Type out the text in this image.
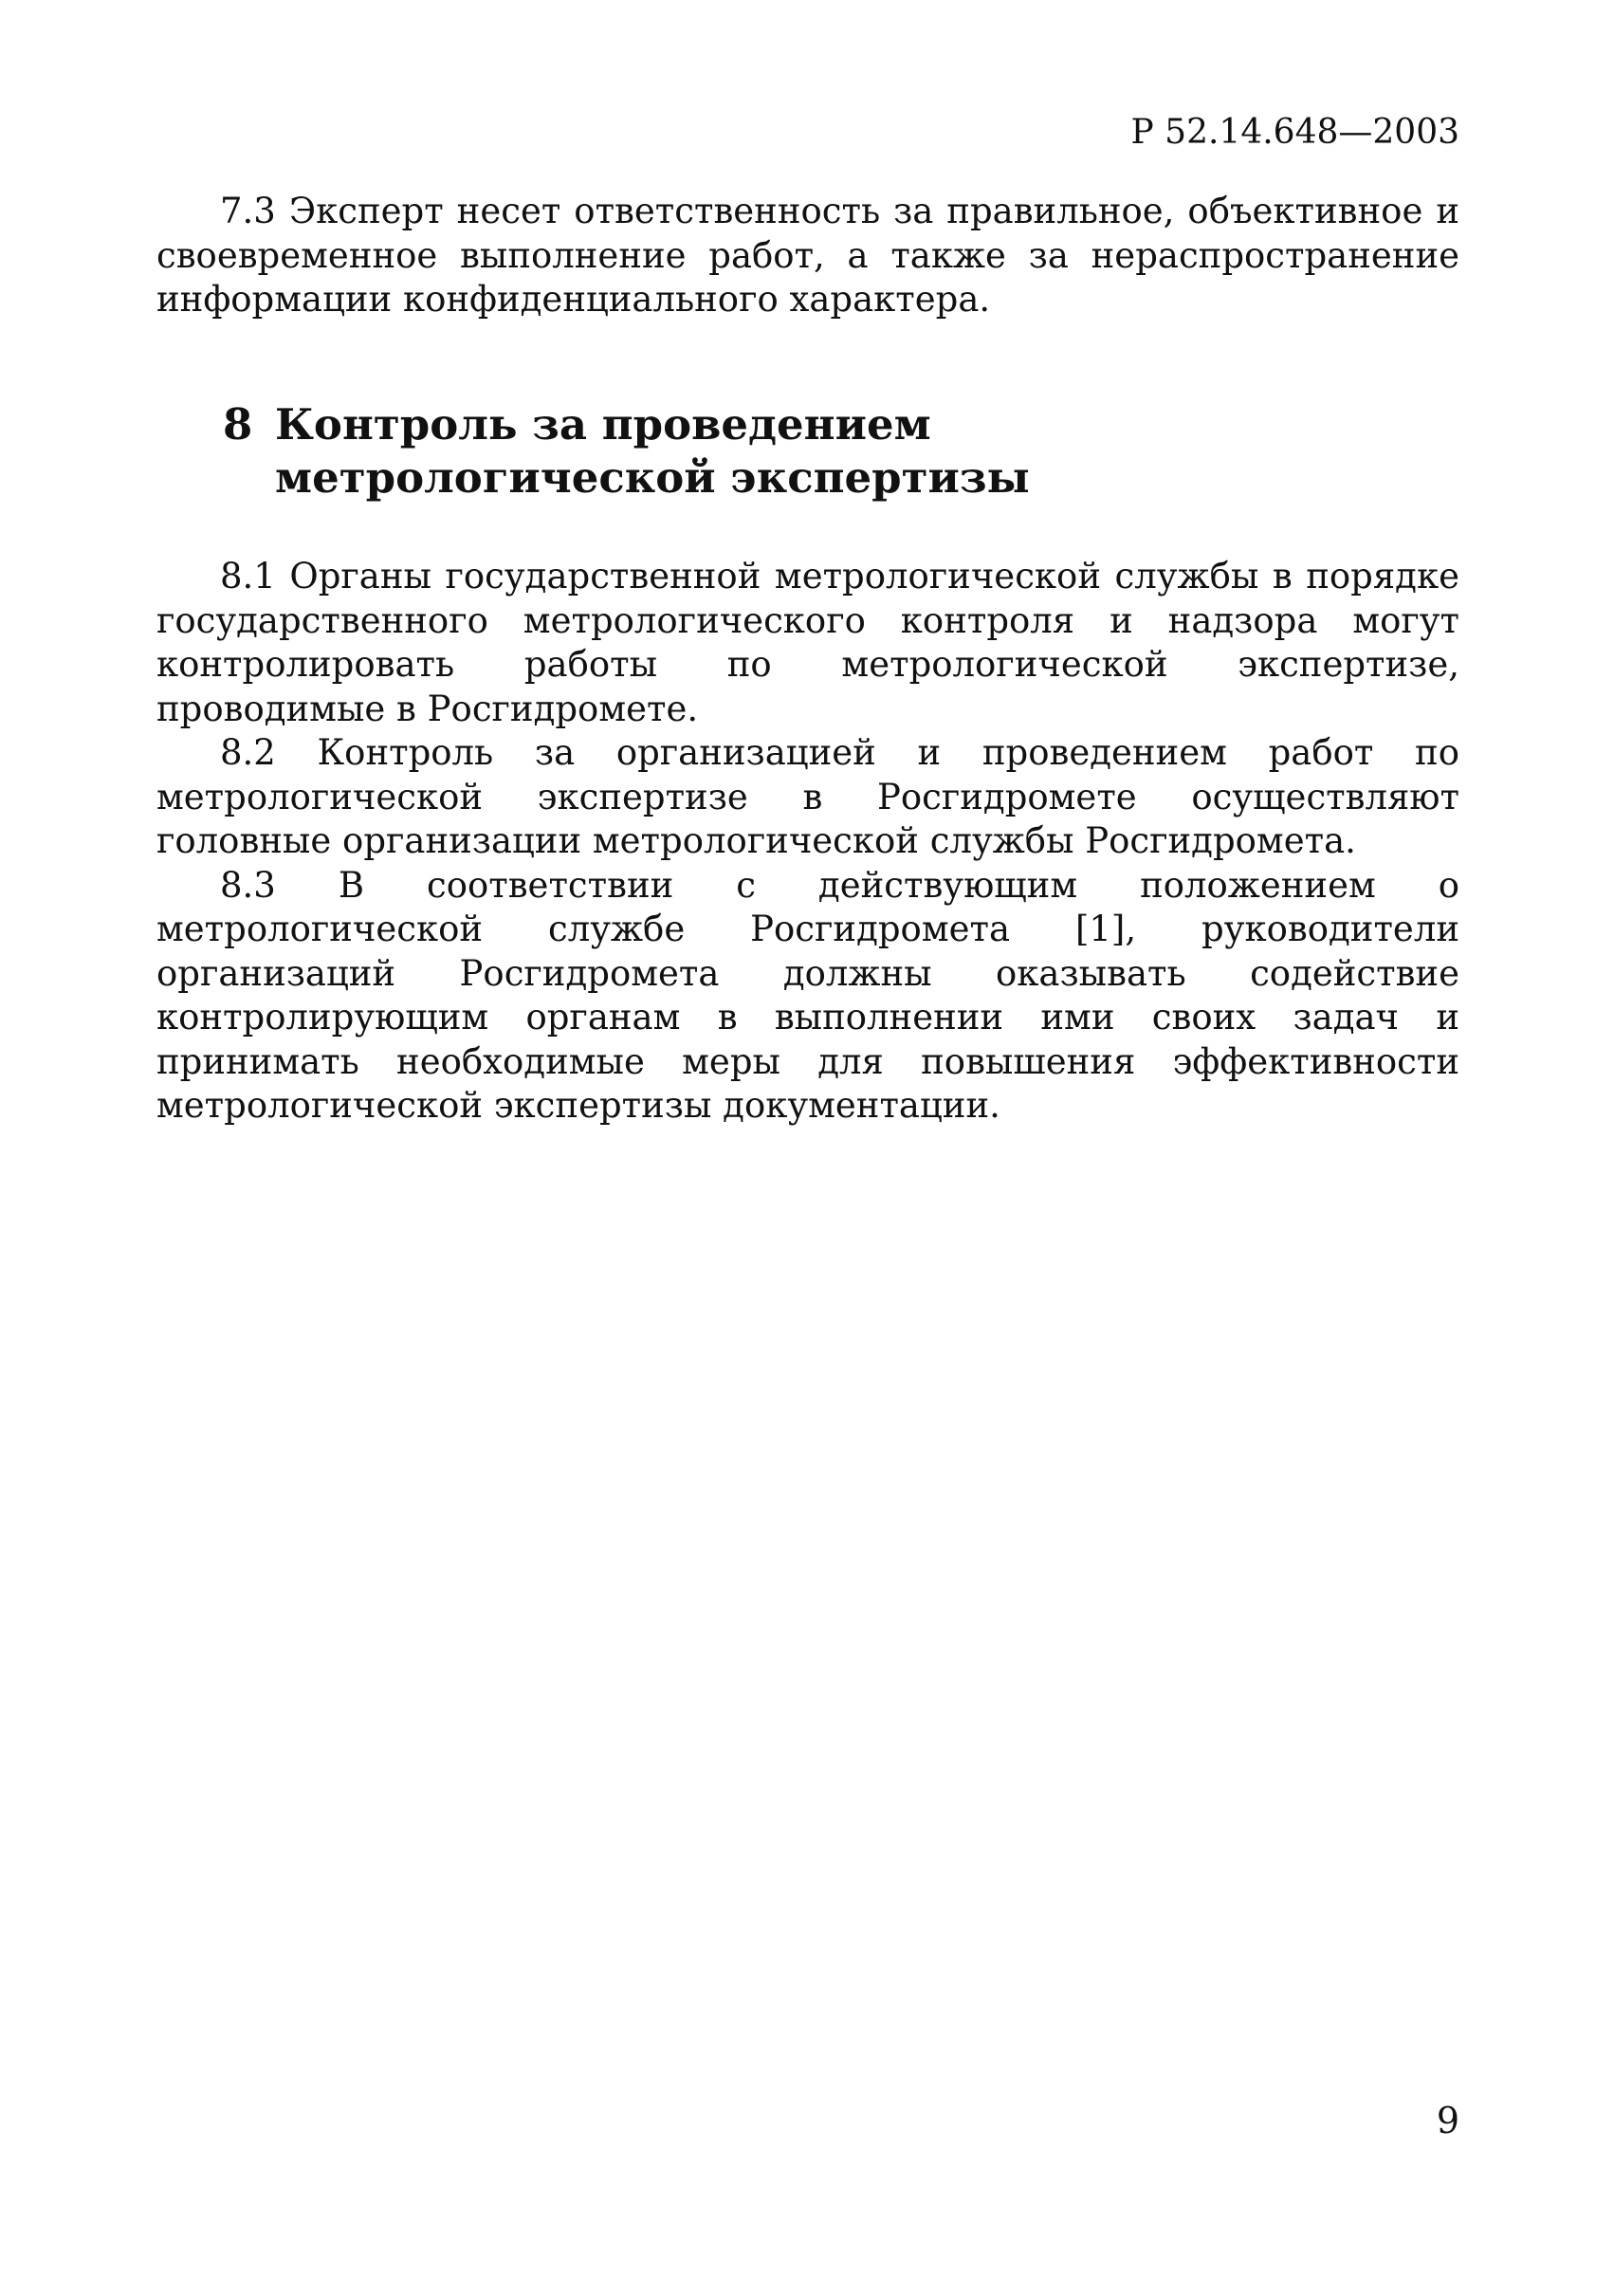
Р 52.14.648—2003

7.3 Эксперт несет ответственность за правильное, объективное и своевременное выполнение работ, а также за нераспространение информации конфиденциального характера.

8 Контроль за проведением
метрологической экспертизы

8.1 Органы государственной метрологической службы в порядке государственного метрологического контроля и надзора могут контролировать работы по метрологической экспертизе, проводимые в Росгидромете.

8.2 Контроль за организацией и проведением работ по метрологической экспертизе в Росгидромете осуществляют головные организации метрологической службы Росгидромета.

8.3 В соответствии с действующим положением о метрологической службе Росгидромета [1], руководители организаций Росгидромета должны оказывать содействие контролирующим органам в выполнении ими своих задач и принимать необходимые меры для повышения эффективности метрологической экспертизы документации.

9
